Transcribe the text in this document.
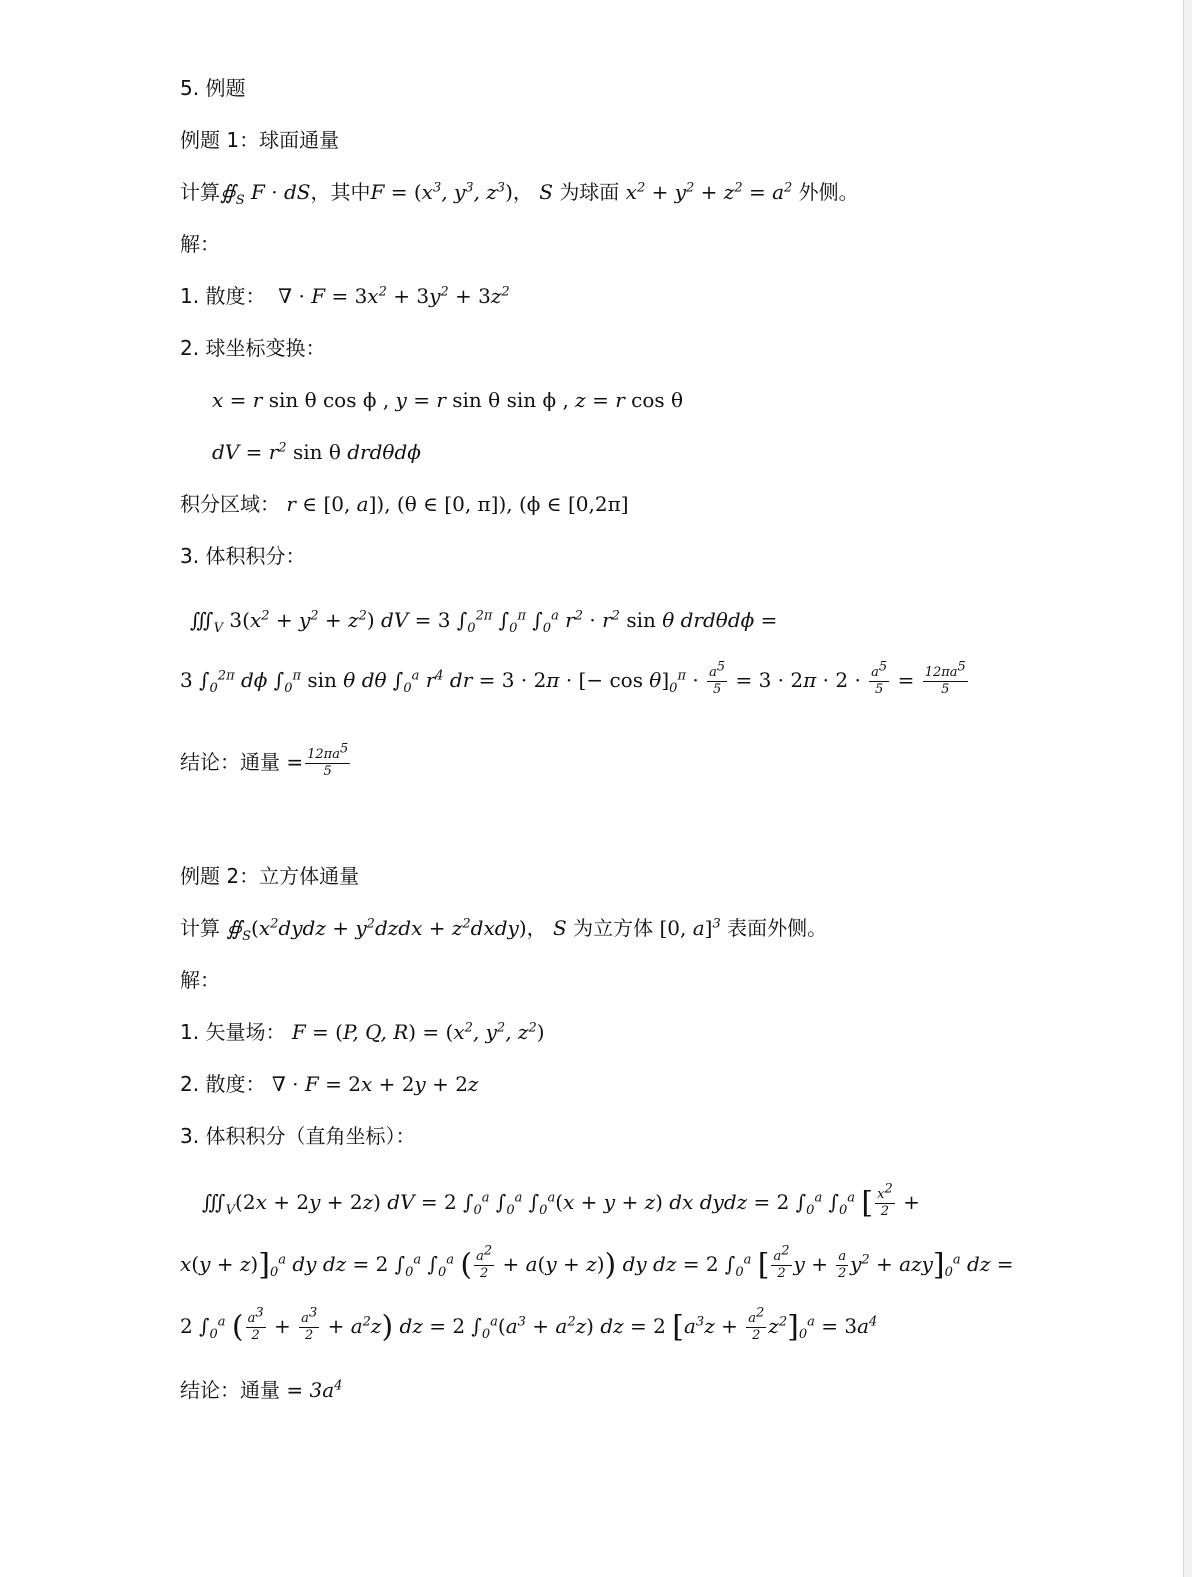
5. 例题
例题 1：球面通量
计算$∯_S$ F · dS，其中$F = (x^3$, $y^3$, $z^3$)， S 为球面 $x^2 + y^2 + z^2 = a^2$ 外侧。
解：
1. 散度： ∇ · $F = 3x^2 + 3y^2 + 3z^2$
2. 球坐标变换：
x = r sin θ cos ϕ , y = r sin θ sin ϕ , z = r cos θ
dV = $r^2$ sin θ drdθdϕ
积分区域： r ∈ [0, a]), (θ ∈ [0, π]), (ϕ ∈ [0,2π]
3. 体积积分：
$∭_V$ $3(x^2 + y^2 + z^2)$ dV = 3 $\int_0^{2\pi}$ $\int_0^\pi$ $\int_0^a$ $r^2 \cdot r^2$ sin θ drdθdϕ =
3 $\int_0^{2\pi}$ dϕ $\int_0^\pi$ sin θ dθ $\int_0^a$ $r^4$ dr = 3 · 2π · [− $\cos \theta]_0^\pi \cdot \frac{a^5}{5} = 3 \cdot 2\pi \cdot 2 \cdot \frac{a^5}{5} = \frac{12\pi a^5}{5}$
结论：通量 = $\frac{12\pi a^5}{5}$
例题 2：立方体通量
计算 $∯_S(x^2dydz$ + $y^2dzdx$ + $z^2dxdy$)， S 为立方体 [0, a]$^3$ 表面外侧。
解：
1. 矢量场： F = (P, Q, $R) = (x^2$, $y^2$, $z^2$)
2. 散度： ∇ · F = 2x + 2y + 2z
3. 体积积分（直角坐标）：
$∭_V(2x + 2y + 2z)$ dV = 2 $\int_0^a$ $\int_0^a$ $\int_0^a(x + y + z)$ dx dydz = 2 $\int_0^a$ $\int_0^a$ [ $\frac{x^2}{2}$ +
$x(y + z)]_0^a$ dy dz = 2 $\int_0^a$ $\int_0^a$ ( $\frac{a^2}{2} + a(y + z)$) dy dz = 2 $\int_0^a$ [ $\frac{a^2}{2}$ $y + \frac{a}{2} y^2 + azy]_0^a$ dz =
2 $\int_0^a$ ( $\frac{a^3}{2} + \frac{a^3}{2} + a^2z$) dz = 2 $\int_0^a(a^3 + a^2z)$ dz = 2 $[a^3z + \frac{a^2}{2} z^2]_0^a = 3a^4$
结论：通量 = $3a^4$
